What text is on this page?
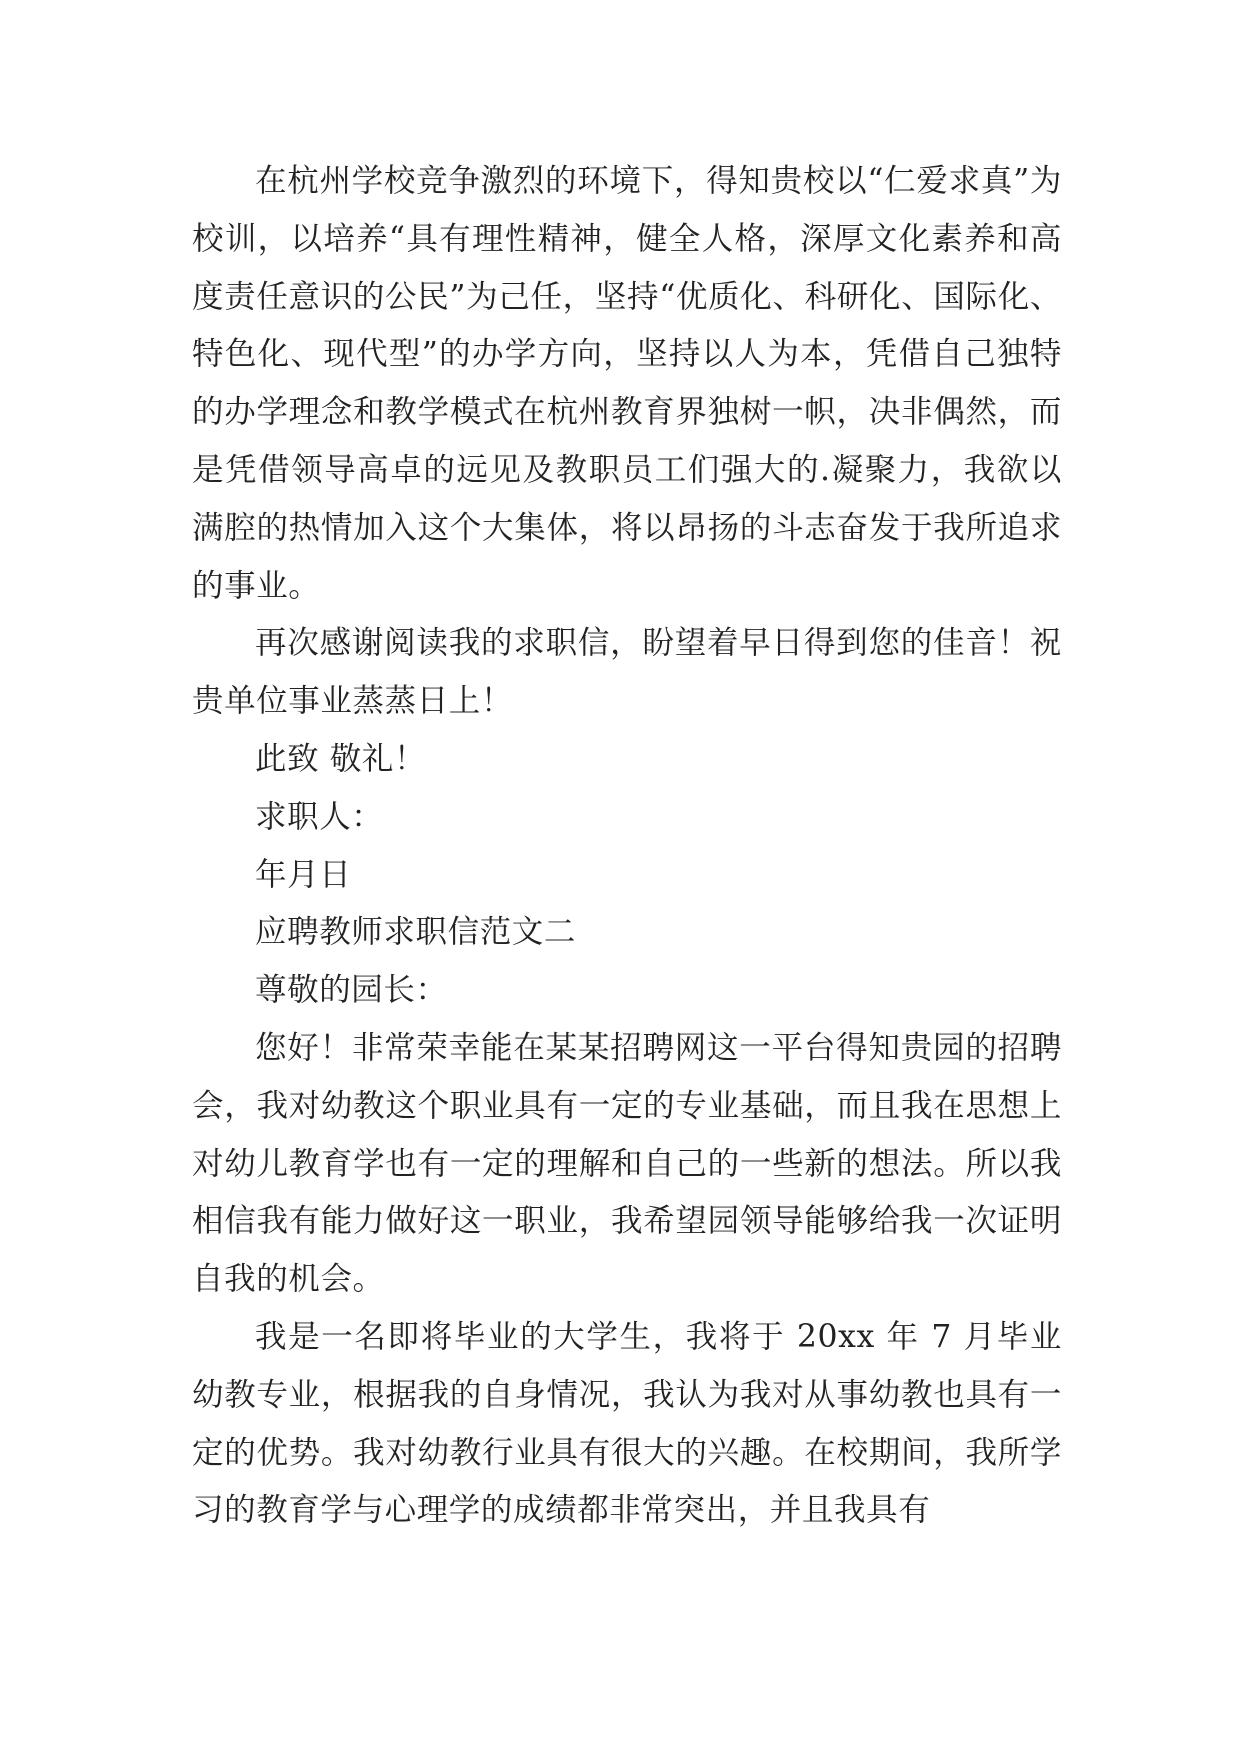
在杭州学校竞争激烈的环境下，得知贵校以“仁爱求真”为校训，以培养“具有理性精神，健全人格，深厚文化素养和高度责任意识的公民”为己任，坚持“优质化、科研化、国际化、特色化、现代型”的办学方向，坚持以人为本，凭借自己独特的办学理念和教学模式在杭州教育界独树一帜，决非偶然，而是凭借领导高卓的远见及教职员工们强大的.凝聚力，我欲以满腔的热情加入这个大集体，将以昂扬的斗志奋发于我所追求的事业。

再次感谢阅读我的求职信，盼望着早日得到您的佳音！祝贵单位事业蒸蒸日上！

此致 敬礼！

求职人：

年月日

应聘教师求职信范文二

尊敬的园长：

您好！非常荣幸能在某某招聘网这一平台得知贵园的招聘会，我对幼教这个职业具有一定的专业基础，而且我在思想上对幼儿教育学也有一定的理解和自己的一些新的想法。所以我相信我有能力做好这一职业，我希望园领导能够给我一次证明自我的机会。

我是一名即将毕业的大学生，我将于 20xx 年 7 月毕业幼教专业，根据我的自身情况，我认为我对从事幼教也具有一定的优势。我对幼教行业具有很大的兴趣。在校期间，我所学习的教育学与心理学的成绩都非常突出，并且我具有
